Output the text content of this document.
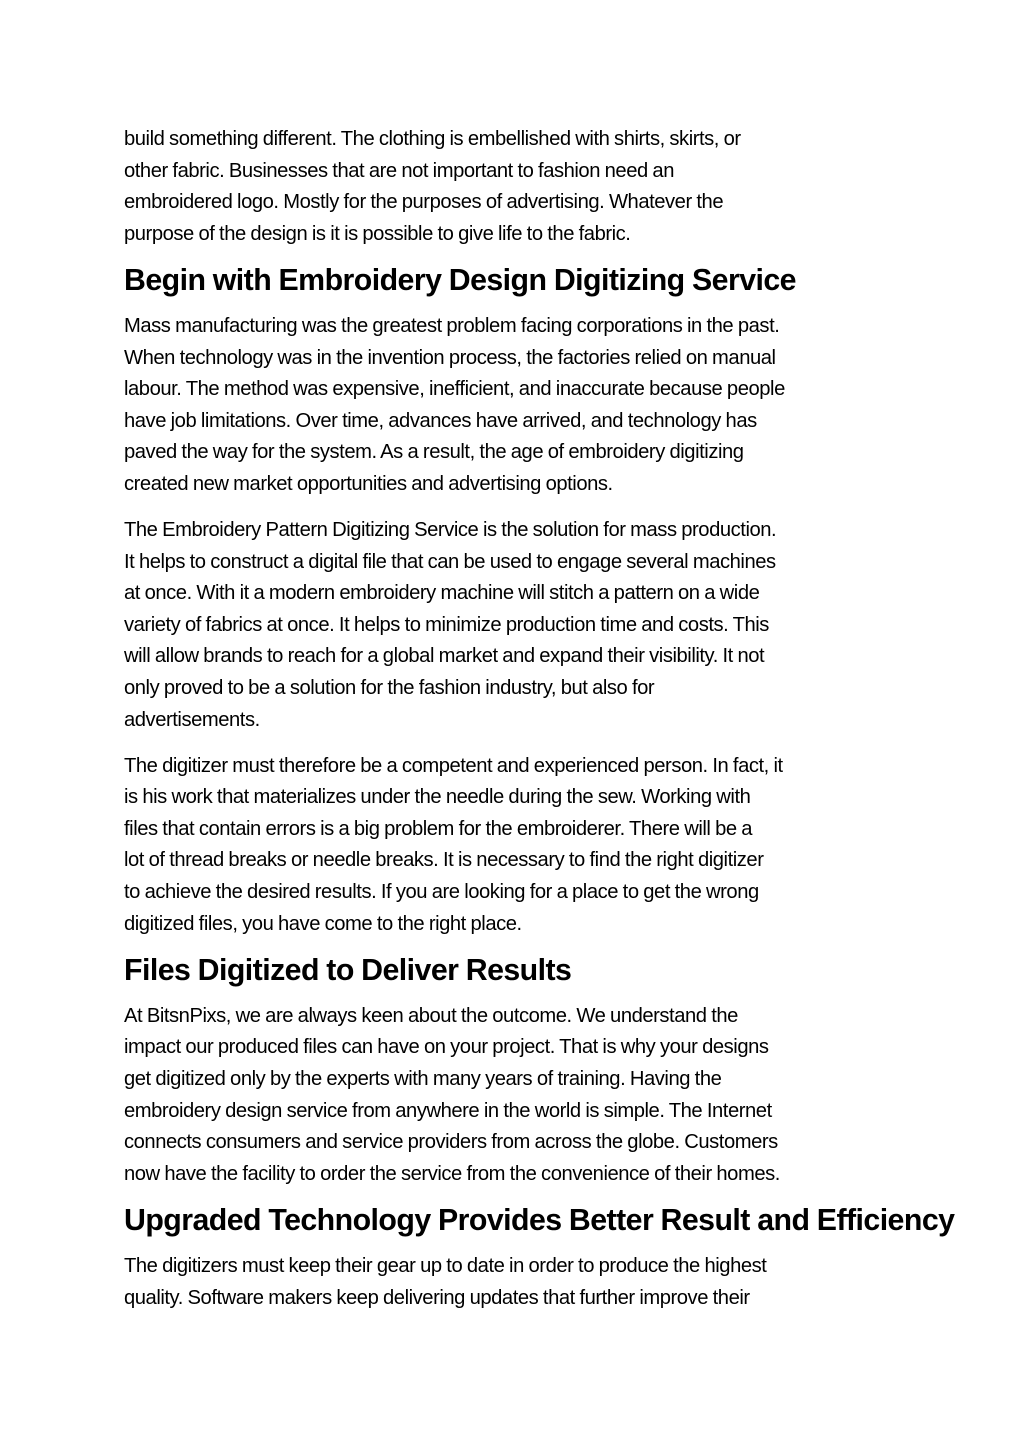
build something different. The clothing is embellished with shirts, skirts, or
other fabric. Businesses that are not important to fashion need an
embroidered logo. Mostly for the purposes of advertising. Whatever the
purpose of the design is it is possible to give life to the fabric.

Begin with Embroidery Design Digitizing Service

Mass manufacturing was the greatest problem facing corporations in the past.
When technology was in the invention process, the factories relied on manual
labour. The method was expensive, inefficient, and inaccurate because people
have job limitations. Over time, advances have arrived, and technology has
paved the way for the system. As a result, the age of embroidery digitizing
created new market opportunities and advertising options.

The Embroidery Pattern Digitizing Service is the solution for mass production.
It helps to construct a digital file that can be used to engage several machines
at once. With it a modern embroidery machine will stitch a pattern on a wide
variety of fabrics at once. It helps to minimize production time and costs. This
will allow brands to reach for a global market and expand their visibility. It not
only proved to be a solution for the fashion industry, but also for
advertisements.

The digitizer must therefore be a competent and experienced person. In fact, it
is his work that materializes under the needle during the sew. Working with
files that contain errors is a big problem for the embroiderer. There will be a
lot of thread breaks or needle breaks. It is necessary to find the right digitizer
to achieve the desired results. If you are looking for a place to get the wrong
digitized files, you have come to the right place.

Files Digitized to Deliver Results

At BitsnPixs, we are always keen about the outcome. We understand the
impact our produced files can have on your project. That is why your designs
get digitized only by the experts with many years of training. Having the
embroidery design service from anywhere in the world is simple. The Internet
connects consumers and service providers from across the globe. Customers
now have the facility to order the service from the convenience of their homes.

Upgraded Technology Provides Better Result and Efficiency

The digitizers must keep their gear up to date in order to produce the highest
quality. Software makers keep delivering updates that further improve their
